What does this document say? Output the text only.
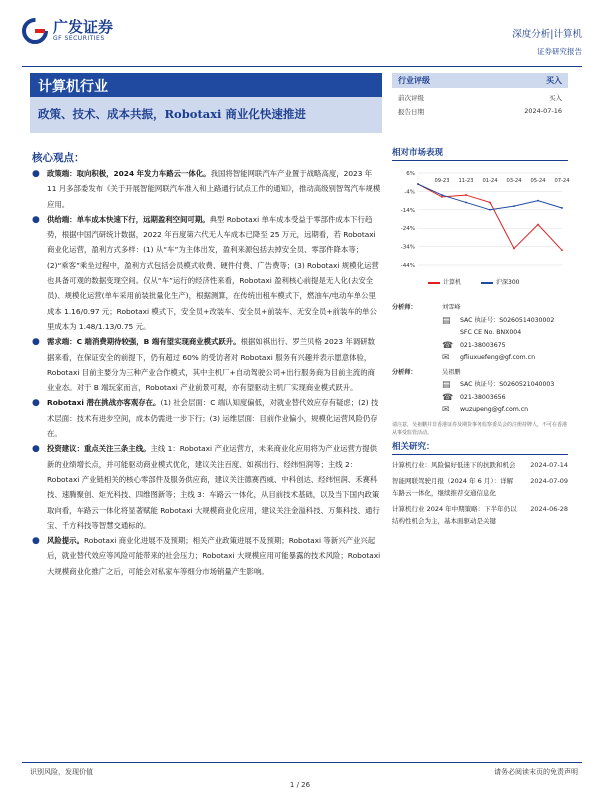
广发证券
GF SECURITIES	深度分析|计算机
证券研究报告
计算机行业
政策、技术、成本共振，Robotaxi 商业化快速推进
行业评级	买入
前次评级	买入
报告日期	2024-07-16
核心观点：
● 政策端：取向积极，2024 年发力车路云一体化。我国将智能网联汽车产业置于战略高度，2023 年 11 月多部委发布《关于开展智能网联汽车准入和上路通行试点工作的通知》，推动高级别智驾汽车规模应用。
● 供给端：单车成本快速下行，远期盈利空间可期。典型 Robotaxi 单车成本受益于零部件成本下行趋势，根据中国汽研统计数据，2022 年百度第六代无人车成本已降至 25 万元，远期看，若 Robotaxi 商业化运营，盈利方式多样：(1) 从“车”为主体出发，盈利来源包括去掉安全员、零部件降本等；(2)“乘客”乘坐过程中，盈利方式包括会员模式收费、硬件付费、广告费等；(3) Robotaxi 规模化运营也具备可观的数据变现空间。仅从“车”运行的经济性来看，Robotaxi 盈利核心前提是无人化(去安全员)、规模化运营(单车采用前装批量化生产)，根据测算，在传统出租车模式下，燃油车/电动车单公里成本 1.16/0.97 元；Robotaxi 模式下，安全员+改装车、安全员+前装车、无安全员+前装车的单公里成本为 1.48/1.13/0.75 元。
● 需求端：C 端消费期待较强，B 端有望实现商业模式跃升。根据如祺出行、罗兰贝格 2023 年调研数据来看，在保证安全的前提下，仍有超过 60% 的受访者对 Robotaxi 服务有兴趣并表示愿意体验，Robotaxi 目前主要分为三种产业合作模式，其中主机厂+自动驾驶公司+出行服务商为目前主流的商业业态。对于 B 端玩家而言，Robotaxi 产业前景可观，亦有望驱动主机厂实现商业模式跃升。
● Robotaxi 潜在挑战亦客观存在。(1) 社会层面：C 端认知度偏低，对就业替代效应存有疑虑；(2) 技术层面：技术有进步空间，成本仍需进一步下行；(3) 运维层面：目前作业偏小，规模化运营风险仍存在。
● 投资建议：重点关注三条主线。主线 1：Robotaxi 产业运营方，未来商业化应用将为产业运营方提供新的业绩增长点，并可能驱动商业模式优化，建议关注百度、如祺出行、经纬恒润等；主线 2：Robotaxi 产业链相关的核心零部件及服务供应商，建议关注德赛西威、中科创达、经纬恒润、禾赛科技、速腾聚创、炬光科技、四维图新等；主线 3：车路云一体化，从目前技术基础，以及当下国内政策取向看，车路云一体化将显著赋能 Robotaxi 大规模商业化应用，建议关注金溢科技、万集科技、通行宝、千方科技等智慧交通标的。
● 风险提示。Robotaxi 商业化进展不及预期；相关产业政策进展不及预期；Robotaxi 等新兴产业兴起后，就业替代效应等风险可能带来的社会压力；Robotaxi 大规模应用可能暴露的技术风险；Robotaxi 大规模商业化推广之后，可能会对私家车等细分市场销量产生影响。
相对市场表现
6%
-4%
-14%
-24%
-34%
-44%
09-23 11-23 01-24 03-24 05-24 07-24
计算机	沪深300
分析师：	刘雪峰
▤	SAC 执证号：S0260514030002
SFC CE No. BNX004
☎	021-38003675
✉	gfliuxuefeng@gf.com.cn
分析师：	吴祖鹏
▤	SAC 执证号：S0260521040003
☎	021-38003656
✉	wuzupeng@gf.com.cn
请注意，吴祖鹏并非香港证券及期货事务监察委员会的注册持牌人，不可在香港从事受监管活动。
相关研究：
计算机行业：风险偏好低迷下的抗跌和机会 2024-07-14
智能网联驾驶月报（2024 年 6 月）：详解车路云一体化，继续推荐交通信息化
2024-07-09
计算机行业 2024 年中期策略：下半年仍以结构性机会为主，基本面驱动是关键
2024-06-28
识别风险，发现价值	请务必阅读末页的免责声明
1 / 26
